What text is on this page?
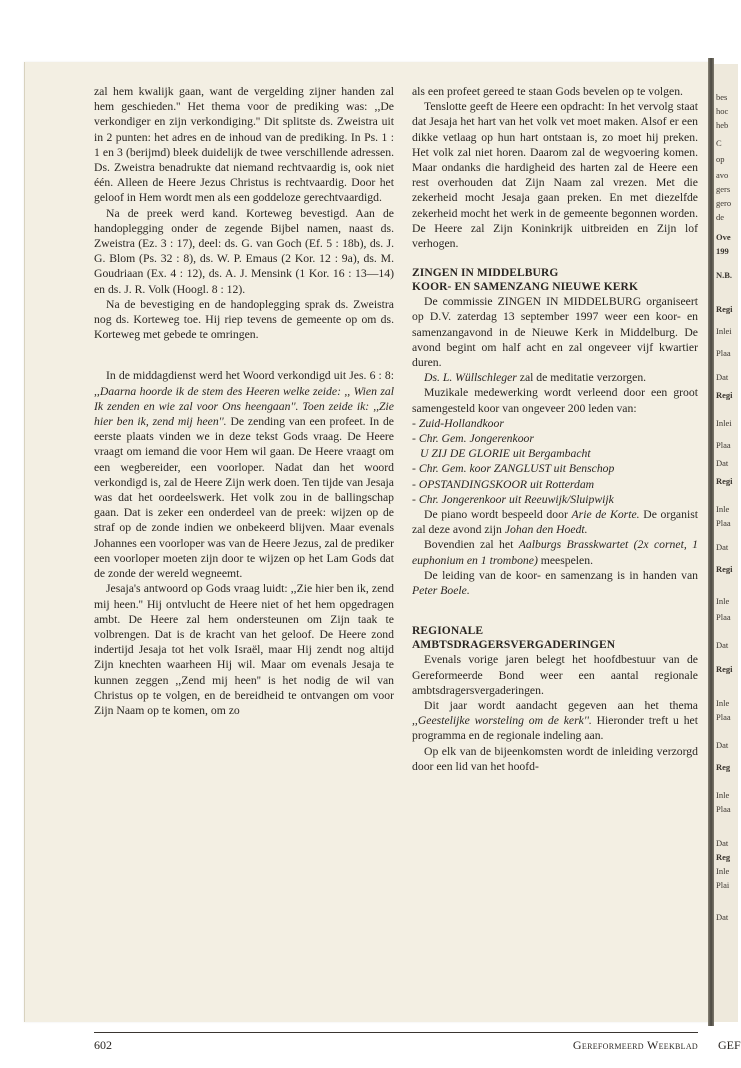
bes
hoc
heb
C
op
avo
gers
gero
de
Ove
199
N.B.
Regi
Inlei
Plaa
Dat
Regi
Inlei
Plaa
Dat
Regi
Inle
Plaa
Dat
Regi
Inle
Plaa
Dat
Regi
Inle
Plaa
Dat
Reg
Inle
Plaa
Dat
Reg
Inle
Plai
Dat

zal hem kwalijk gaan, want de vergelding zijner handen zal hem geschieden.'' Het thema voor de prediking was: ,,De verkondiger en zijn verkondiging.'' Dit splitste ds. Zweistra uit in 2 punten: het adres en de inhoud van de prediking. In Ps. 1 : 1 en 3 (berijmd) bleek duidelijk de twee verschillende adressen. Ds. Zweistra benadrukte dat niemand rechtvaardig is, ook niet één. Alleen de Heere Jezus Christus is rechtvaardig. Door het geloof in Hem wordt men als een goddeloze gerechtvaardigd.

Na de preek werd kand. Korteweg bevestigd. Aan de handoplegging onder de zegende Bijbel namen, naast ds. Zweistra (Ez. 3 : 17), deel: ds. G. van Goch (Ef. 5 : 18b), ds. J. G. Blom (Ps. 32 : 8), ds. W. P. Emaus (2 Kor. 12 : 9a), ds. M. Goudriaan (Ex. 4 : 12), ds. A. J. Mensink (1 Kor. 16 : 13—14) en ds. J. R. Volk (Hoogl. 8 : 12).

Na de bevestiging en de handoplegging sprak ds. Zweistra nog ds. Korteweg toe. Hij riep tevens de gemeente op om ds. Korteweg met gebede te omringen.

In de middagdienst werd het Woord verkondigd uit Jes. 6 : 8: ,,Daarna hoorde ik de stem des Heeren welke zeide: ,, Wien zal Ik zenden en wie zal voor Ons heengaan''. Toen zeide ik: ,,Zie hier ben ik, zend mij heen''. De zending van een profeet. In de eerste plaats vinden we in deze tekst Gods vraag. De Heere vraagt om iemand die voor Hem wil gaan. De Heere vraagt om een wegbereider, een voorloper. Nadat dan het woord verkondigd is, zal de Heere Zijn werk doen. Ten tijde van Jesaja was dat het oordeelswerk. Het volk zou in de ballingschap gaan. Dat is zeker een onderdeel van de preek: wijzen op de straf op de zonde indien we onbekeerd blijven. Maar evenals Johannes een voorloper was van de Heere Jezus, zal de prediker een voorloper moeten zijn door te wijzen op het Lam Gods dat de zonde der wereld wegneemt.

Jesaja's antwoord op Gods vraag luidt: ,,Zie hier ben ik, zend mij heen.'' Hij ontvlucht de Heere niet of het hem opgedragen ambt. De Heere zal hem ondersteunen om Zijn taak te volbrengen. Dat is de kracht van het geloof. De Heere zond indertijd Jesaja tot het volk Israël, maar Hij zendt nog altijd Zijn knechten waarheen Hij wil. Maar om evenals Jesaja te kunnen zeggen ,,Zend mij heen'' is het nodig de wil van Christus op te volgen, en de bereidheid te ontvangen om voor Zijn Naam op te komen, om zo

als een profeet gereed te staan Gods bevelen op te volgen.

Tenslotte geeft de Heere een opdracht: In het vervolg staat dat Jesaja het hart van het volk vet moet maken. Alsof er een dikke vetlaag op hun hart ontstaan is, zo moet hij preken. Het volk zal niet horen. Daarom zal de wegvoering komen. Maar ondanks die hardigheid des harten zal de Heere een rest overhouden dat Zijn Naam zal vrezen. Met die zekerheid mocht Jesaja gaan preken. En met diezelfde zekerheid mocht het werk in de gemeente begonnen worden. De Heere zal Zijn Koninkrijk uitbreiden en Zijn lof verhogen.

ZINGEN IN MIDDELBURG
KOOR- EN SAMENZANG NIEUWE KERK

De commissie ZINGEN IN MIDDELBURG organiseert op D.V. zaterdag 13 september 1997 weer een koor- en samenzangavond in de Nieuwe Kerk in Middelburg. De avond begint om half acht en zal ongeveer vijf kwartier duren.

Ds. L. Wüllschleger zal de meditatie verzorgen.

Muzikale medewerking wordt verleend door een groot samengesteld koor van ongeveer 200 leden van:

- Zuid-Hollandkoor
- Chr. Gem. Jongerenkoor
U ZIJ DE GLORIE uit Bergambacht
- Chr. Gem. koor ZANGLUST uit Benschop
- OPSTANDINGSKOOR uit Rotterdam
- Chr. Jongerenkoor uit Reeuwijk/Sluipwijk

De piano wordt bespeeld door Arie de Korte. De organist zal deze avond zijn Johan den Hoedt.

Bovendien zal het Aalburgs Brasskwartet (2x cornet, 1 euphonium en 1 trombone) meespelen.

De leiding van de koor- en samenzang is in handen van Peter Boele.

REGIONALE
AMBTSDRAGERSVERGADERINGEN

Evenals vorige jaren belegt het hoofdbestuur van de Gereformeerde Bond weer een aantal regionale ambtsdragersvergaderingen.

Dit jaar wordt aandacht gegeven aan het thema ,,Geestelijke worsteling om de kerk''. Hieronder treft u het programma en de regionale indeling aan.

Op elk van de bijeenkomsten wordt de inleiding verzorgd door een lid van het hoofd-

602	Gereformeerd Weekblad GEF
